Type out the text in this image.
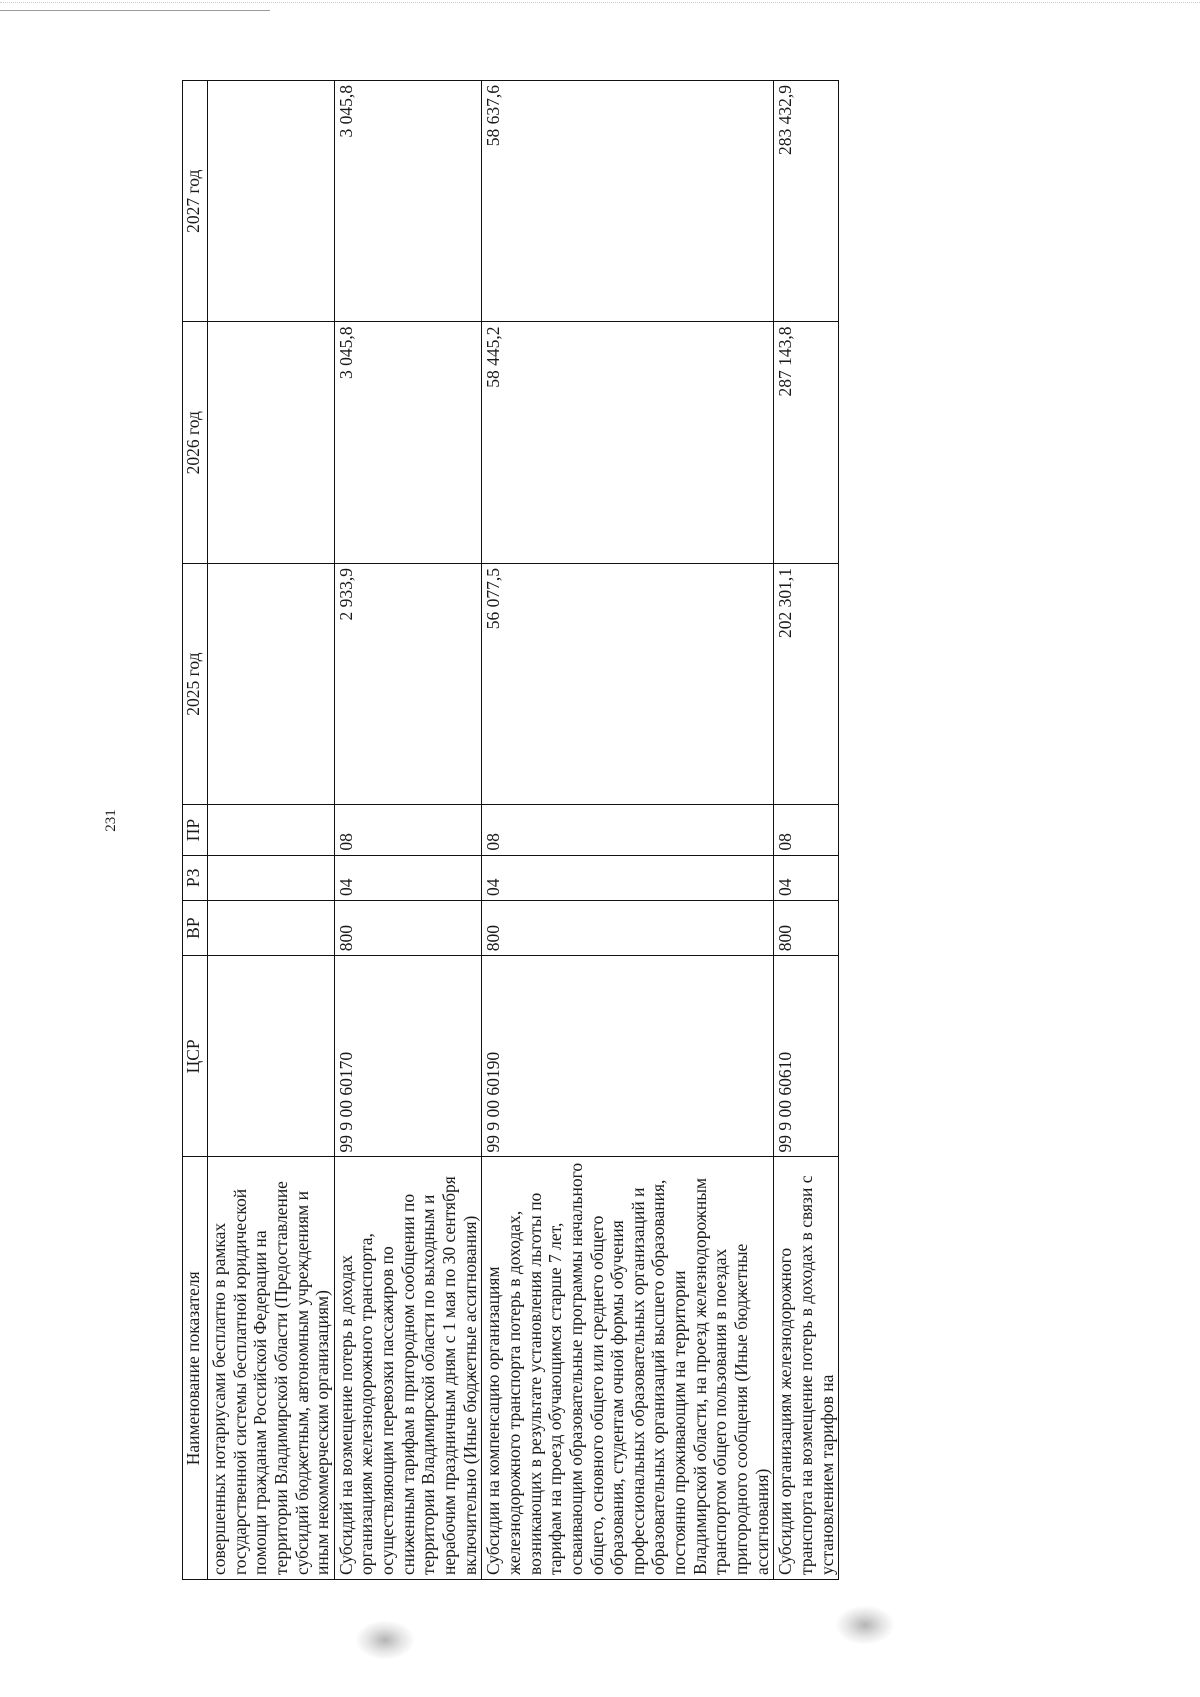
231
Наименование показателя	ЦСР	ВР	РЗ	ПР	2025 год	2026 год	2027 год
совершенных нотариусами бесплатно в рамках государственной системы бесплатной юридической помощи гражданам Российской Федерации на территории Владимирской области (Предоставление субсидий бюджетным, автономным учреждениям и иным некоммерческим организациям)							
Субсидий на возмещение потерь в доходах организациям железнодорожного транспорта, осуществляющим перевозки пассажиров по сниженным тарифам в пригородном сообщении по территории Владимирской области по выходным и нерабочим праздничным дням с 1 мая по 30 сентября включительно (Иные бюджетные ассигнования)	99 9 00 60170	800	04	08	2 933,9	3 045,8	3 045,8
Субсидии на компенсацию организациям железнодорожного транспорта потерь в доходах, возникающих в результате установления льготы по тарифам на проезд обучающимся старше 7 лет, осваивающим образовательные программы начального общего, основного общего или среднего общего образования, студентам очной формы обучения профессиональных образовательных организаций и образовательных организаций высшего образования, постоянно проживающим на территории Владимирской области, на проезд железнодорожным транспортом общего пользования в поездах пригородного сообщения (Иные бюджетные ассигнования)	99 9 00 60190	800	04	08	56 077,5	58 445,2	58 637,6
Субсидии организациям железнодорожного транспорта на возмещение потерь в доходах в связи с установлением тарифов на	99 9 00 60610	800	04	08	202 301,1	287 143,8	283 432,9
